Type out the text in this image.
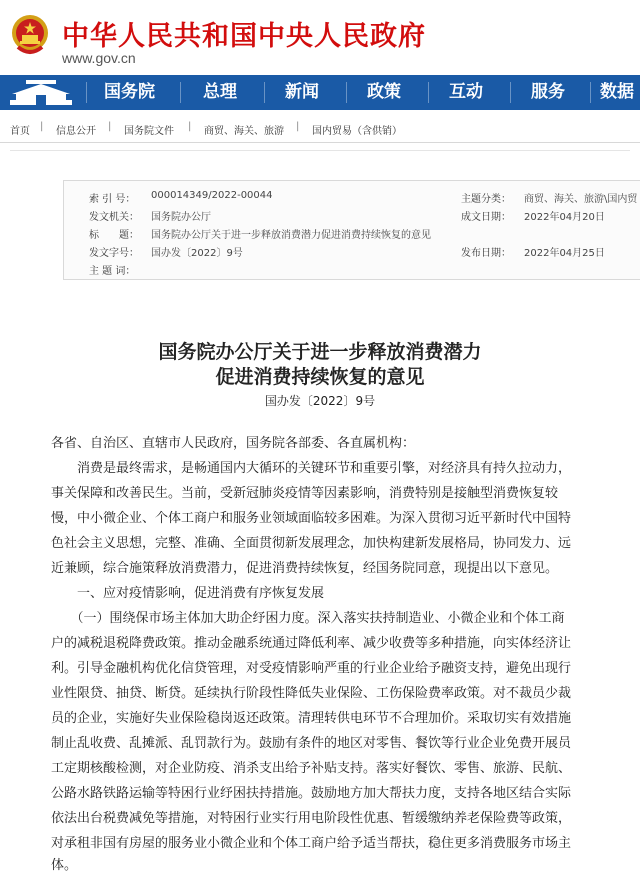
中华人民共和国中央人民政府
www.gov.cn
国务院	总理	新闻	政策	互动	服务 数据
首页 | 信息公开 | 国务院文件 | 商贸、海关、旅游 | 国内贸易（含供销）
索 引 号： 000014349/2022-00044	主题分类： 商贸、海关、旅游\国内贸
发文机关： 国务院办公厅	成文日期： 2022年04月20日
标　　题： 国务院办公厅关于进一步释放消费潜力促进消费持续恢复的意见
发文字号： 国办发〔2022〕9号	发布日期： 2022年04月25日
主 题 词：
国务院办公厅关于进一步释放消费潜力
促进消费持续恢复的意见
国办发〔2022〕9号
各省、自治区、直辖市人民政府，国务院各部委、各直属机构：
　　消费是最终需求，是畅通国内大循环的关键环节和重要引擎，对经济具有持久拉动力，
事关保障和改善民生。当前，受新冠肺炎疫情等因素影响，消费特别是接触型消费恢复较
慢，中小微企业、个体工商户和服务业领域面临较多困难。为深入贯彻习近平新时代中国特
色社会主义思想，完整、准确、全面贯彻新发展理念，加快构建新发展格局，协同发力、远
近兼顾，综合施策释放消费潜力，促进消费持续恢复，经国务院同意，现提出以下意见。
　　一、应对疫情影响，促进消费有序恢复发展
　　（一）围绕保市场主体加大助企纾困力度。深入落实扶持制造业、小微企业和个体工商
户的减税退税降费政策。推动金融系统通过降低利率、减少收费等多种措施，向实体经济让
利。引导金融机构优化信贷管理，对受疫情影响严重的行业企业给予融资支持，避免出现行
业性限贷、抽贷、断贷。延续执行阶段性降低失业保险、工伤保险费率政策。对不裁员少裁
员的企业，实施好失业保险稳岗返还政策。清理转供电环节不合理加价。采取切实有效措施
制止乱收费、乱摊派、乱罚款行为。鼓励有条件的地区对零售、餐饮等行业企业免费开展员
工定期核酸检测，对企业防疫、消杀支出给予补贴支持。落实好餐饮、零售、旅游、民航、
公路水路铁路运输等特困行业纾困扶持措施。鼓励地方加大帮扶力度，支持各地区结合实际
依法出台税费减免等措施，对特困行业实行用电阶段性优惠、暂缓缴纳养老保险费等政策，
对承租非国有房屋的服务业小微企业和个体工商户给予适当帮扶，稳住更多消费服务市场主
体。
